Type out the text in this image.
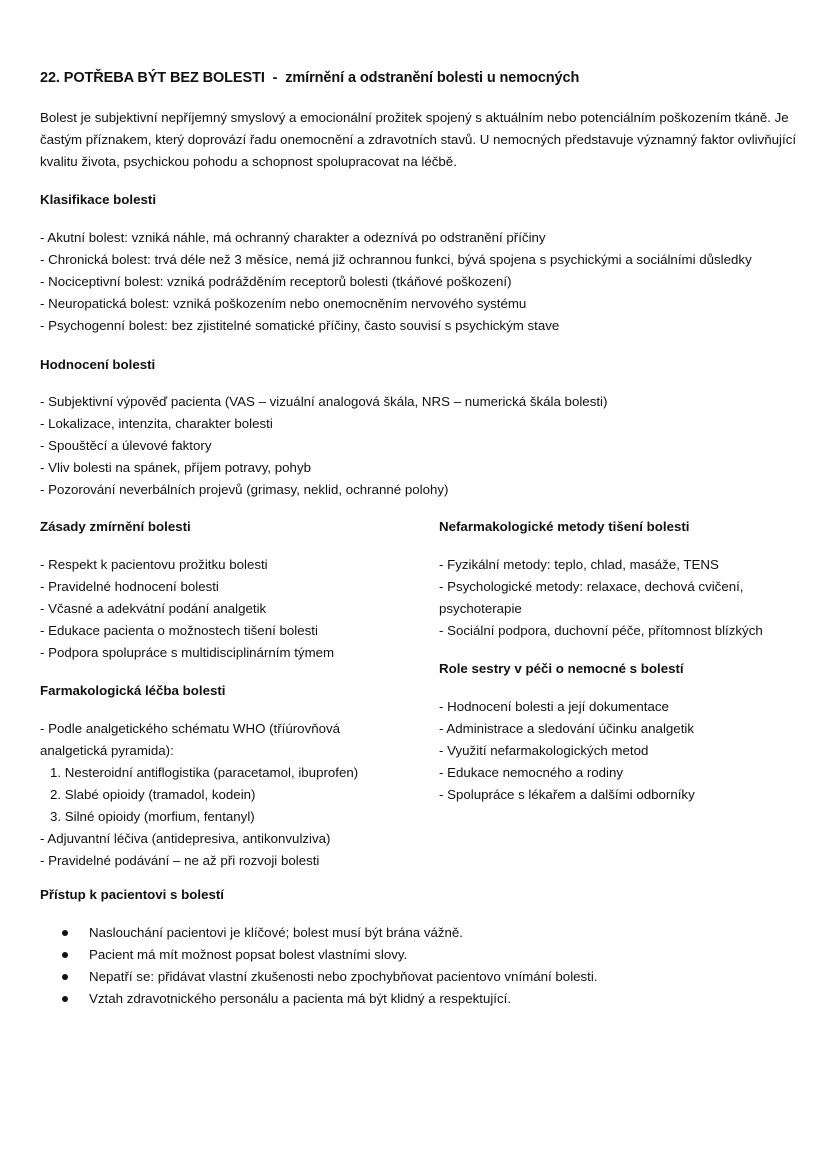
22. POTŘEBA BÝT BEZ BOLESTI  -  zmírnění a odstranění bolesti u nemocných
Bolest je subjektivní nepříjemný smyslový a emocionální prožitek spojený s aktuálním nebo potenciálním poškozením tkáně. Je častým příznakem, který doprovází řadu onemocnění a zdravotních stavů. U nemocných představuje významný faktor ovlivňující kvalitu života, psychickou pohodu a schopnost spolupracovat na léčbě.
Klasifikace bolesti
- Akutní bolest: vzniká náhle, má ochranný charakter a odeznívá po odstranění příčiny
- Chronická bolest: trvá déle než 3 měsíce, nemá již ochrannou funkci, bývá spojena s psychickými a sociálními důsledky
- Nociceptivní bolest: vzniká podrážděním receptorů bolesti (tkáňové poškození)
- Neuropatická bolest: vzniká poškozením nebo onemocněním nervového systému
- Psychogenní bolest: bez zjistitelné somatické příčiny, často souvisí s psychickým stave
Hodnocení bolesti
- Subjektivní výpověď pacienta (VAS – vizuální analogová škála, NRS – numerická škála bolesti)
- Lokalizace, intenzita, charakter bolesti
- Spouštěcí a úlevové faktory
- Vliv bolesti na spánek, příjem potravy, pohyb
- Pozorování neverbálních projevů (grimasy, neklid, ochranné polohy)
Zásady zmírnění bolesti
- Respekt k pacientovu prožitku bolesti
- Pravidelné hodnocení bolesti
- Včasné a adekvátní podání analgetik
- Edukace pacienta o možnostech tišení bolesti
- Podpora spolupráce s multidisciplinárním týmem
Farmakologická léčba bolesti
- Podle analgetického schématu WHO (tříúrovňová
analgetická pyramida):
1. Nesteroidní antiflogistika (paracetamol, ibuprofen)
2. Slabé opioidy (tramadol, kodein)
3. Silné opioidy (morfium, fentanyl)
- Adjuvantní léčiva (antidepresiva, antikonvulziva)
- Pravidelné podávání – ne až při rozvoji bolesti
Nefarmakologické metody tišení bolesti
- Fyzikální metody: teplo, chlad, masáže, TENS
- Psychologické metody: relaxace, dechová cvičení,
psychoterapie
- Sociální podpora, duchovní péče, přítomnost blízkých
Role sestry v péči o nemocné s bolestí
- Hodnocení bolesti a její dokumentace
- Administrace a sledování účinku analgetik
- Využití nefarmakologických metod
- Edukace nemocného a rodiny
- Spolupráce s lékařem a dalšími odborníky
Přístup k pacientovi s bolestí
Naslouchání pacientovi je klíčové; bolest musí být brána vážně.
Pacient má mít možnost popsat bolest vlastními slovy.
Nepatří se: přidávat vlastní zkušenosti nebo zpochybňovat pacientovo vnímání bolesti.
Vztah zdravotnického personálu a pacienta má být klidný a respektující.
